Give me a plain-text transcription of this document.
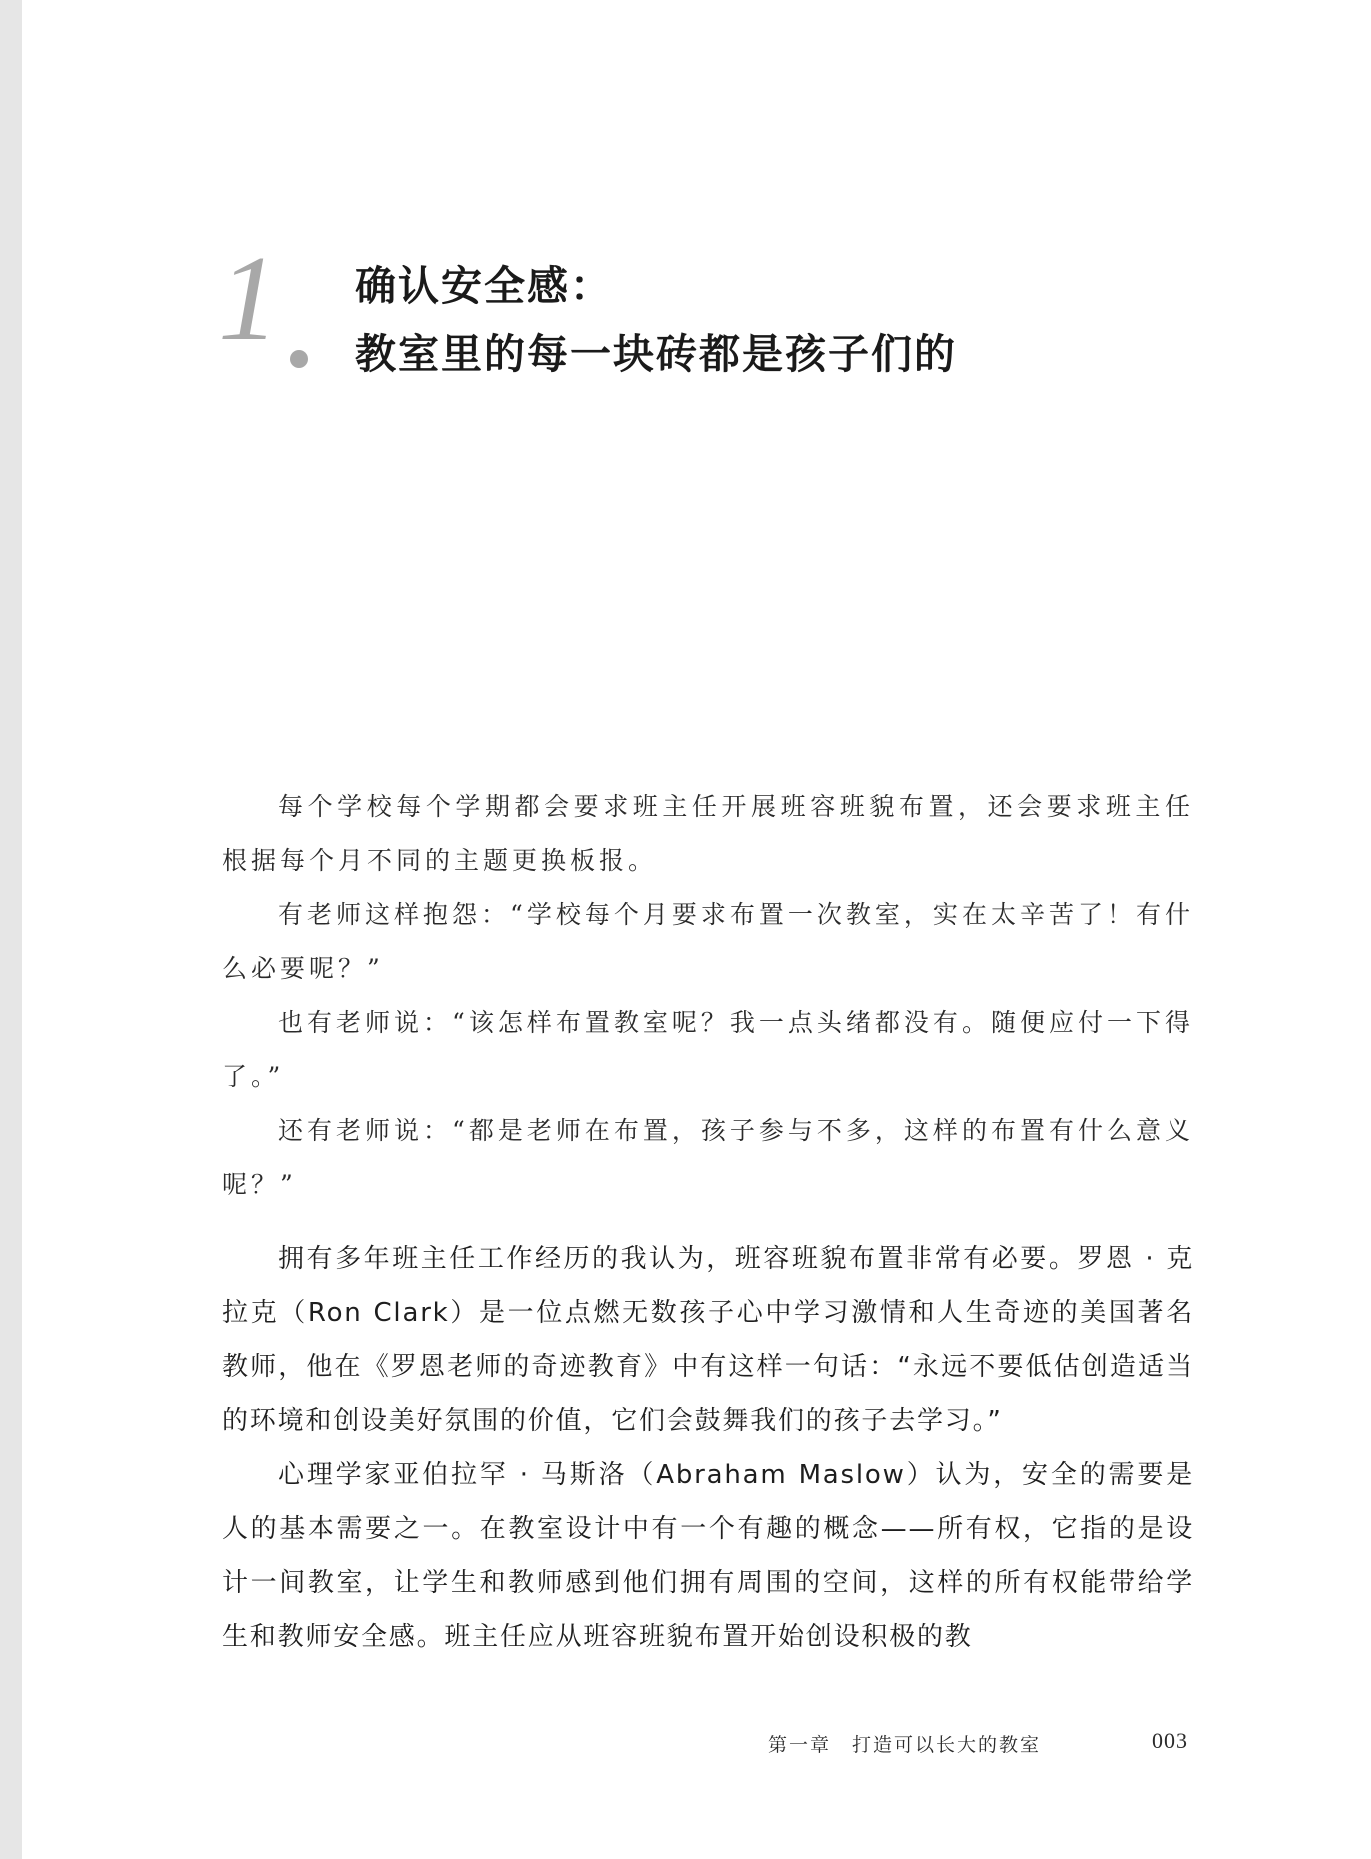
1 确认安全感：
教室里的每一块砖都是孩子们的

每个学校每个学期都会要求班主任开展班容班貌布置，还会要求班主任根据每个月不同的主题更换板报。

有老师这样抱怨：“学校每个月要求布置一次教室，实在太辛苦了！有什么必要呢？”

也有老师说：“该怎样布置教室呢？我一点头绪都没有。随便应付一下得了。”

还有老师说：“都是老师在布置，孩子参与不多，这样的布置有什么意义呢？”

拥有多年班主任工作经历的我认为，班容班貌布置非常有必要。罗恩 · 克拉克（Ron Clark）是一位点燃无数孩子心中学习激情和人生奇迹的美国著名教师，他在《罗恩老师的奇迹教育》中有这样一句话：“永远不要低估创造适当的环境和创设美好氛围的价值，它们会鼓舞我们的孩子去学习。”

心理学家亚伯拉罕 · 马斯洛（Abraham Maslow）认为，安全的需要是人的基本需要之一。在教室设计中有一个有趣的概念——所有权，它指的是设计一间教室，让学生和教师感到他们拥有周围的空间，这样的所有权能带给学生和教师安全感。班主任应从班容班貌布置开始创设积极的教

第一章　打造可以长大的教室	003
